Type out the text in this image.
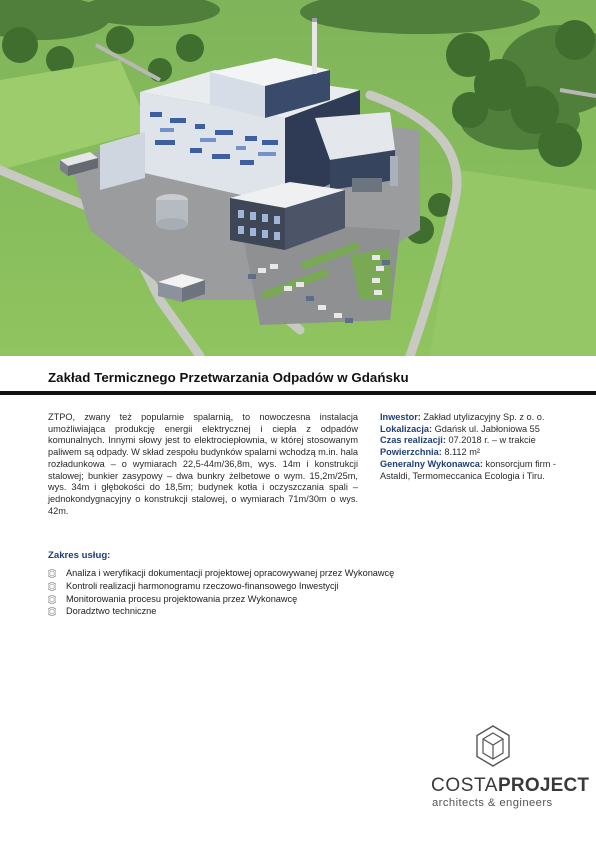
Zakład Termicznego Przetwarzania Odpadów w Gdańsku

ZTPO, zwany też popularnie spalarnią, to nowoczesna instalacja umożliwiająca produkcję energii elektrycznej i ciepła z odpadów komunalnych. Innymi słowy jest to elektrociepłownia, w której stosowanym paliwem są odpady. W skład zespołu budynków spalarni wchodzą m.in. hala rozładunkowa – o wymiarach 22,5-44m/36,8m, wys. 14m i konstrukcji stalowej; bunkier zasypowy – dwa bunkry żelbetowe o wym. 15,2m/25m, wys. 34m i głębokości do 18,5m; budynek kotła i oczyszczania spali – jednokondygnacyjny o konstrukcji stalowej, o wymiarach 71m/30m o wys. 42m.

Inwestor: Zakład utylizacyjny Sp. z o. o.
Lokalizacja: Gdańsk ul. Jabłoniowa 55
Czas realizacji: 07.2018 r. – w trakcie
Powierzchnia: 8.112 m²
Generalny Wykonawca: konsorcjum firm - Astaldi, Termomeccanica Ecologia i Tiru.
Zakres usług:
Analiza i weryfikacji dokumentacji projektowej opracowywanej przez Wykonawcę
Kontroli realizacji harmonogramu rzeczowo-finansowego Inwestycji
Monitorowania procesu projektowania przez Wykonawcę
Doradztwo techniczne
COSTAPROJECT
architects & engineers
